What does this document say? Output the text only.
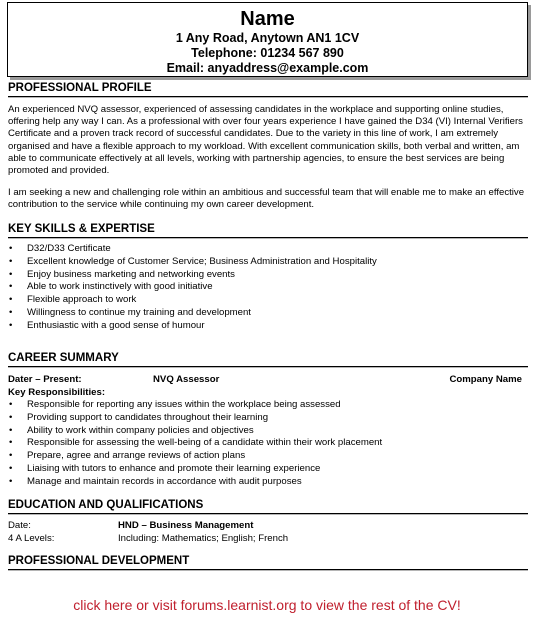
Name
1 Any Road, Anytown AN1 1CV
Telephone: 01234 567 890
Email: anyaddress@example.com
PROFESSIONAL PROFILE
An experienced NVQ assessor, experienced of assessing candidates in the workplace and supporting online studies, offering help any way I can. As a professional with over four years experience I have gained the D34 (VI) Internal Verifiers Certificate and a proven track record of successful candidates. Due to the variety in this line of work, I am extremely organised and have a flexible approach to my workload. With excellent communication skills, both verbal and written, am able to communicate effectively at all levels, working with partnership agencies, to ensure the best services are being promoted and provided.
I am seeking a new and challenging role within an ambitious and successful team that will enable me to make an effective contribution to the service while continuing my own career development.
KEY SKILLS & EXPERTISE
• D32/D33 Certificate
• Excellent knowledge of Customer Service; Business Administration and Hospitality
• Enjoy business marketing and networking events
• Able to work instinctively with good initiative
• Flexible approach to work
• Willingness to continue my training and development
• Enthusiastic with a good sense of humour
CAREER SUMMARY
Dater – Present:	NVQ Assessor	Company Name
Key Responsibilities:
• Responsible for reporting any issues within the workplace being assessed
• Providing support to candidates throughout their learning
• Ability to work within company policies and objectives
• Responsible for assessing the well-being of a candidate within their work placement
• Prepare, agree and arrange reviews of action plans
• Liaising with tutors to enhance and promote their learning experience
• Manage and maintain records in accordance with audit purposes
EDUCATION AND QUALIFICATIONS
Date:	HND – Business Management
4 A Levels:	Including: Mathematics; English; French
PROFESSIONAL DEVELOPMENT
click here or visit forums.learnist.org to view the rest of the CV!
